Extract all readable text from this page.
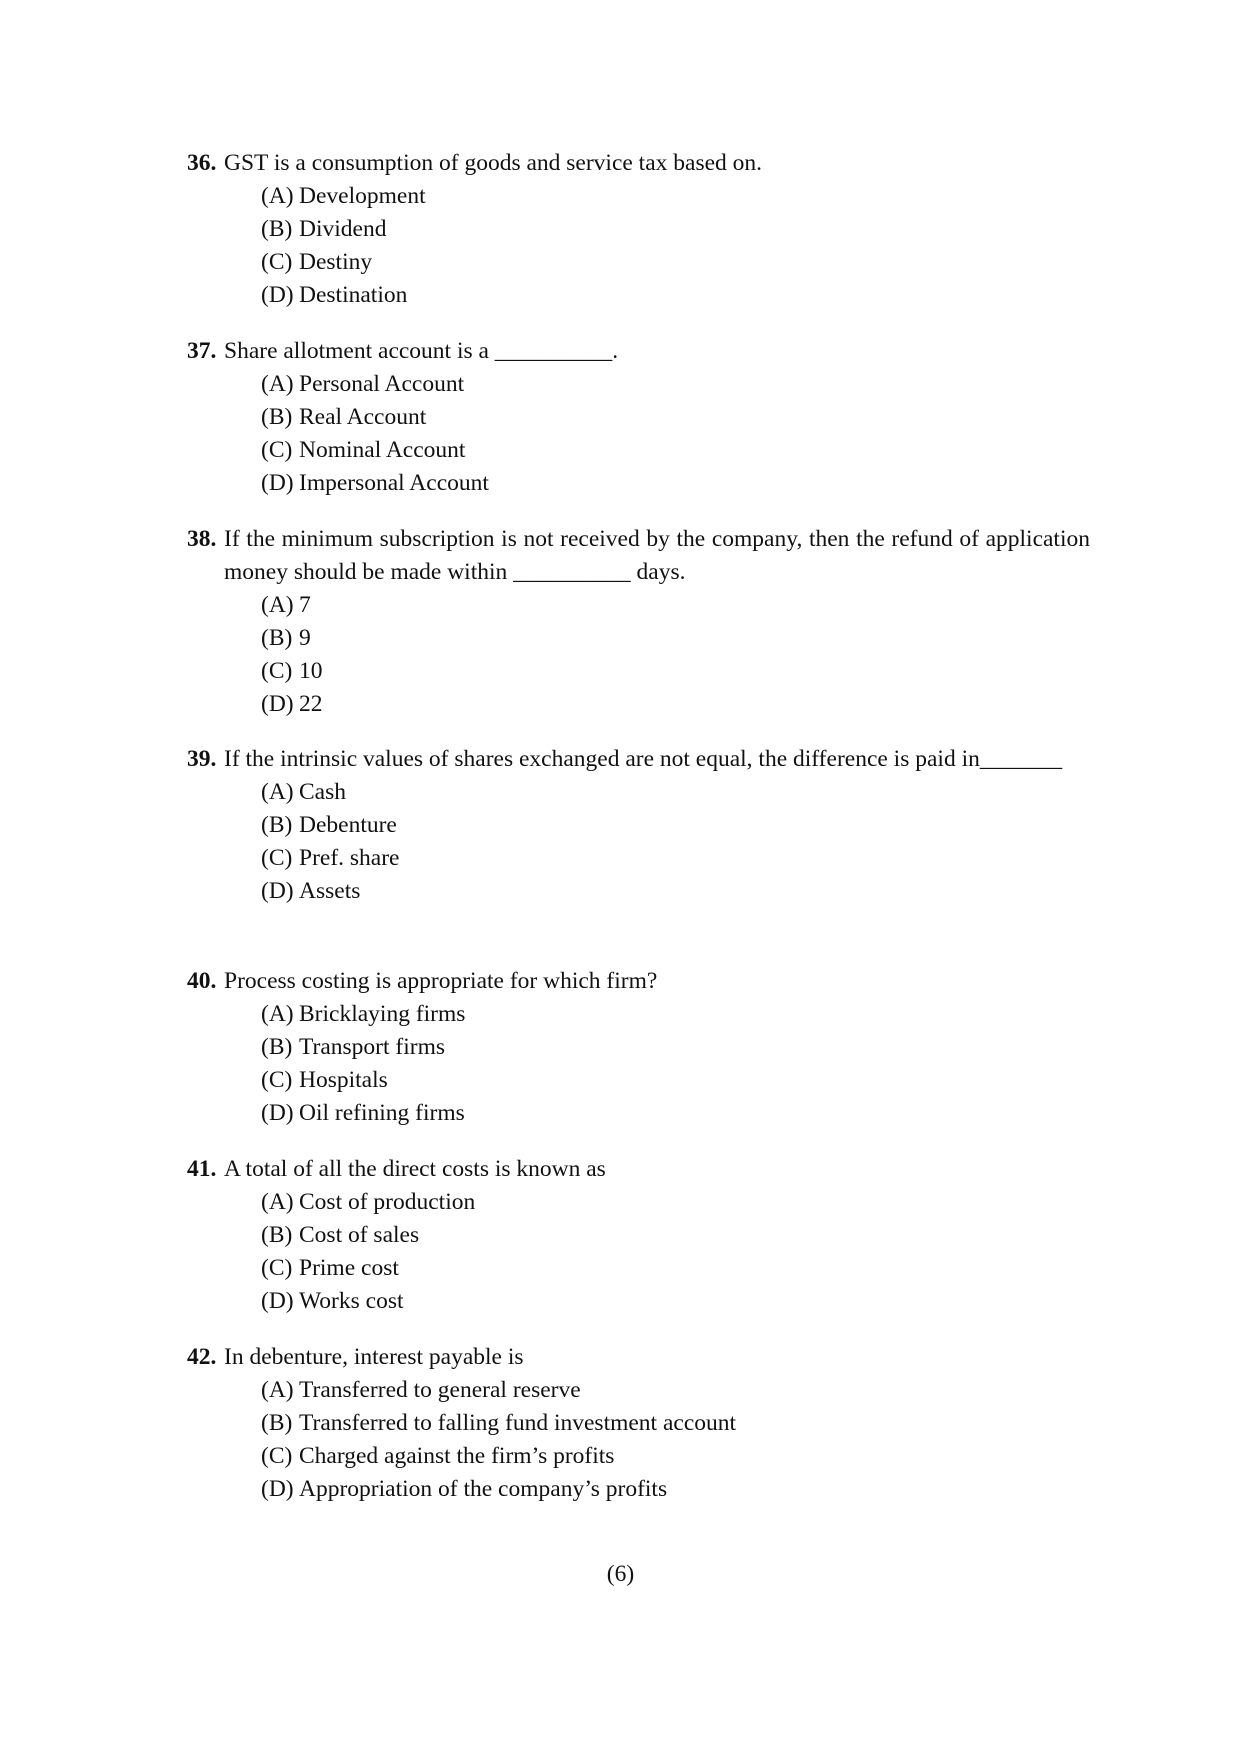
36. GST is a consumption of goods and service tax based on.
(A) Development
(B) Dividend
(C) Destiny
(D) Destination
37. Share allotment account is a __________.
(A) Personal Account
(B) Real Account
(C) Nominal Account
(D) Impersonal Account
38. If the minimum subscription is not received by the company, then the refund of application money should be made within __________ days.
(A) 7
(B) 9
(C) 10
(D) 22
39. If the intrinsic values of shares exchanged are not equal, the difference is paid in_______
(A) Cash
(B) Debenture
(C) Pref. share
(D) Assets
40. Process costing is appropriate for which firm?
(A) Bricklaying firms
(B) Transport firms
(C) Hospitals
(D) Oil refining firms
41. A total of all the direct costs is known as
(A) Cost of production
(B) Cost of sales
(C) Prime cost
(D) Works cost
42. In debenture, interest payable is
(A) Transferred to general reserve
(B) Transferred to falling fund investment account
(C) Charged against the firm’s profits
(D) Appropriation of the company’s profits
(6)
